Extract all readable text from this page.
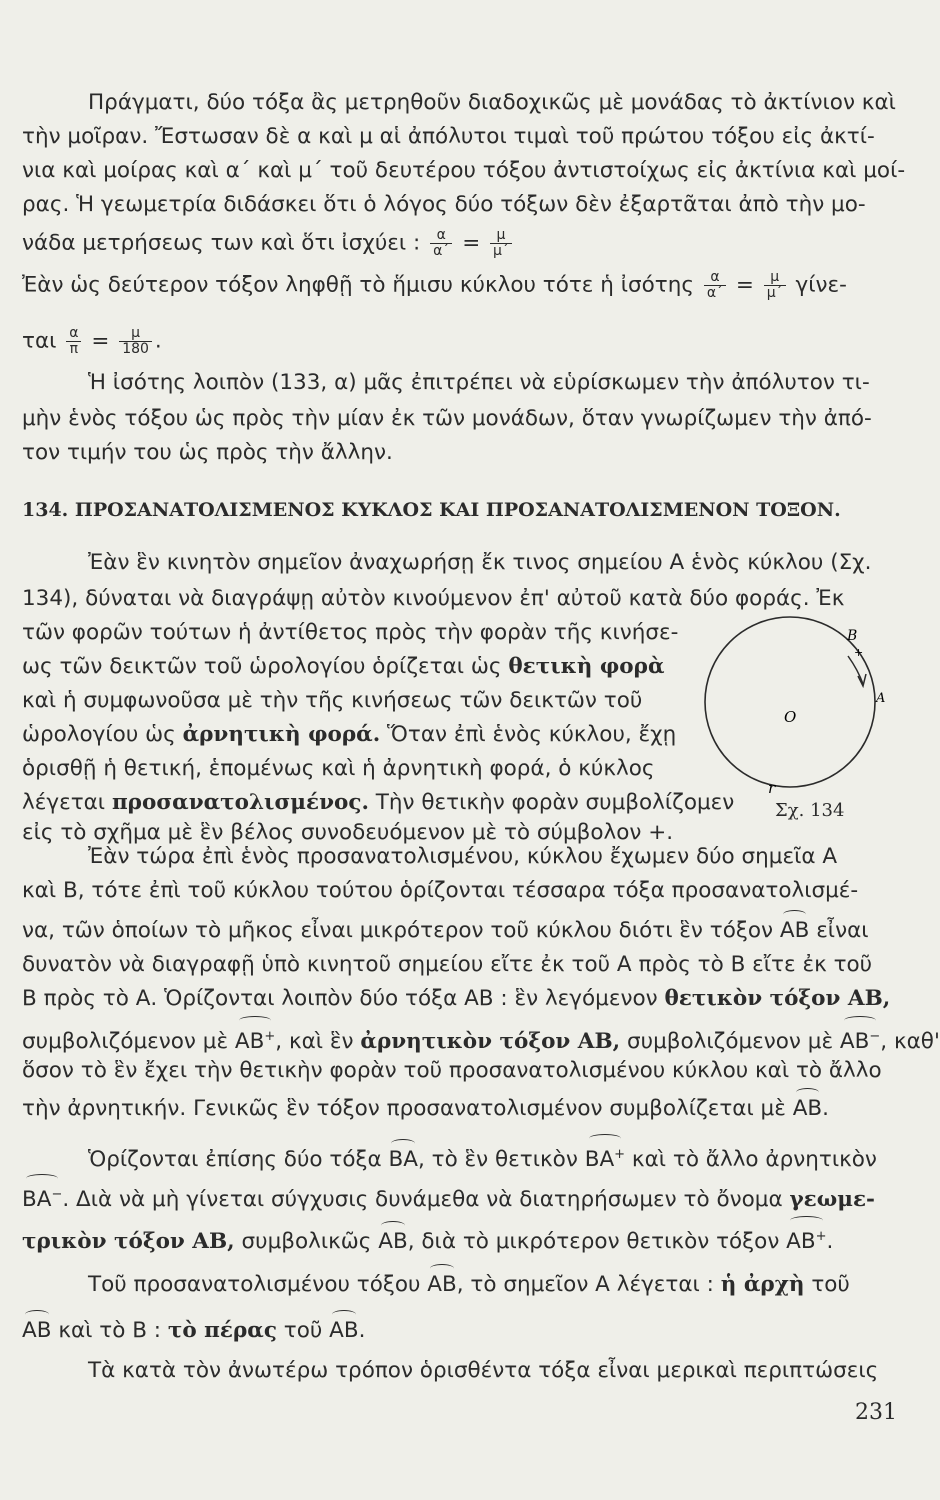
Πράγματι, δύο τόξα ἂς μετρηθοῦν διαδοχικῶς μὲ μονάδας τὸ ἀκτίνιον καὶ
τὴν μοῖραν. Ἔστωσαν δὲ α καὶ μ αἱ ἀπόλυτοι τιμαὶ τοῦ πρώτου τόξου εἰς ἀκτί-
νια καὶ μοίρας καὶ α΄ καὶ μ΄ τοῦ δευτέρου τόξου ἀντιστοίχως εἰς ἀκτίνια καὶ μοί-
ρας. Ἡ γεωμετρία διδάσκει ὅτι ὁ λόγος δύο τόξων δὲν ἐξαρτᾶται ἀπὸ τὴν μο-
νάδα μετρήσεως των καὶ ὅτι ἰσχύει : $\frac{\alpha}{\alpha΄} = \frac{\mu}{\mu΄}$
Ἐὰν ὡς δεύτερον τόξον ληφθῇ τὸ ἥμισυ κύκλου τότε ἡ ἰσότης $\frac{\alpha}{\alpha΄} = \frac{\mu}{\mu΄} \gamma ί\nu\varepsilon-$
ται $\frac{\alpha}{\pi} = \frac{\mu}{180}$ .
Ἡ ἰσότης λοιπὸν (133, α) μᾶς ἐπιτρέπει νὰ εὑρίσκωμεν τὴν ἀπόλυτον τι-
μὴν ἑνὸς τόξου ὡς πρὸς τὴν μίαν ἐκ τῶν μονάδων, ὅταν γνωρίζωμεν τὴν ἀπό-
τον τιμήν του ὡς πρὸς τὴν ἄλλην.
134. ΠΡΟΣΑΝΑΤΟΛΙΣΜΕΝΟΣ ΚΥΚΛΟΣ ΚΑΙ ΠΡΟΣΑΝΑΤΟΛΙΣΜΕΝΟΝ ΤΟΞΟΝ.
Ἐὰν ἓν κινητὸν σημεῖον ἀναχωρήσῃ ἔκ τινος σημείου Α ἑνὸς κύκλου (Σχ.
134), δύναται νὰ διαγράψῃ αὐτὸν κινούμενον ἐπ' αὐτοῦ κατὰ δύο φοράς. Ἐκ
τῶν φορῶν τούτων ἡ ἀντίθετος πρὸς τὴν φορὰν τῆς κινήσε-
ως τῶν δεικτῶν τοῦ ὡρολογίου ὁρίζεται ὡς θετικὴ φορὰ
καὶ ἡ συμφωνοῦσα μὲ τὴν τῆς κινήσεως τῶν δεικτῶν τοῦ
ὡρολογίου ὡς ἀρνητικὴ φορά. Ὅταν ἐπὶ ἑνὸς κύκλου, ἔχῃ
ὁρισθῇ ἡ θετική, ἑπομένως καὶ ἡ ἀρνητικὴ φορά, ὁ κύκλος
λέγεται προσανατολισμένος. Τὴν θετικὴν φορὰν συμβολίζομεν
εἰς τὸ σχῆμα μὲ ἓν βέλος συνοδευόμενον μὲ τὸ σύμβολον +.
B
+
A
O
r
Σχ. 134
Ἐὰν τώρα ἐπὶ ἑνὸς προσανατολισμένου, κύκλου ἔχωμεν δύο σημεῖα Α
καὶ Β, τότε ἐπὶ τοῦ κύκλου τούτου ὁρίζονται τέσσαρα τόξα προσανατολισμέ-
να, τῶν ὁποίων τὸ μῆκος εἶναι μικρότερον τοῦ κύκλου διότι ἓν τόξον AB εἶναι
δυνατὸν νὰ διαγραφῇ ὑπὸ κινητοῦ σημείου εἴτε ἐκ τοῦ Α πρὸς τὸ Β εἴτε ἐκ τοῦ
Β πρὸς τὸ Α. Ὁρίζονται λοιπὸν δύο τόξα ΑΒ : ἓν λεγόμενον θετικὸν τόξον ΑΒ,
συμβολιζόμενον μὲ AB+, καὶ ἓν ἀρνητικὸν τόξον ΑΒ, συμβολιζόμενον μὲ AB−, καθ'
ὅσον τὸ ἓν ἔχει τὴν θετικὴν φορὰν τοῦ προσανατολισμένου κύκλου καὶ τὸ ἄλλο
τὴν ἀρνητικήν. Γενικῶς ἓν τόξον προσανατολισμένον συμβολίζεται μὲ AB.
Ὁρίζονται ἐπίσης δύο τόξα BA, τὸ ἓν θετικὸν BA+ καὶ τὸ ἄλλο ἀρνητικὸν
BA−. Διὰ νὰ μὴ γίνεται σύγχυσις δυνάμεθα νὰ διατηρήσωμεν τὸ ὄνομα γεωμε-
τρικὸν τόξον ΑΒ, συμβολικῶς AB, διὰ τὸ μικρότερον θετικὸν τόξον AB+.
Τοῦ προσανατολισμένου τόξου AB, τὸ σημεῖον Α λέγεται : ἡ ἀρχὴ τοῦ
AB καὶ τὸ Β : τὸ πέρας τοῦ AB.
Τὰ κατὰ τὸν ἀνωτέρω τρόπον ὁρισθέντα τόξα εἶναι μερικαὶ περιπτώσεις
231
